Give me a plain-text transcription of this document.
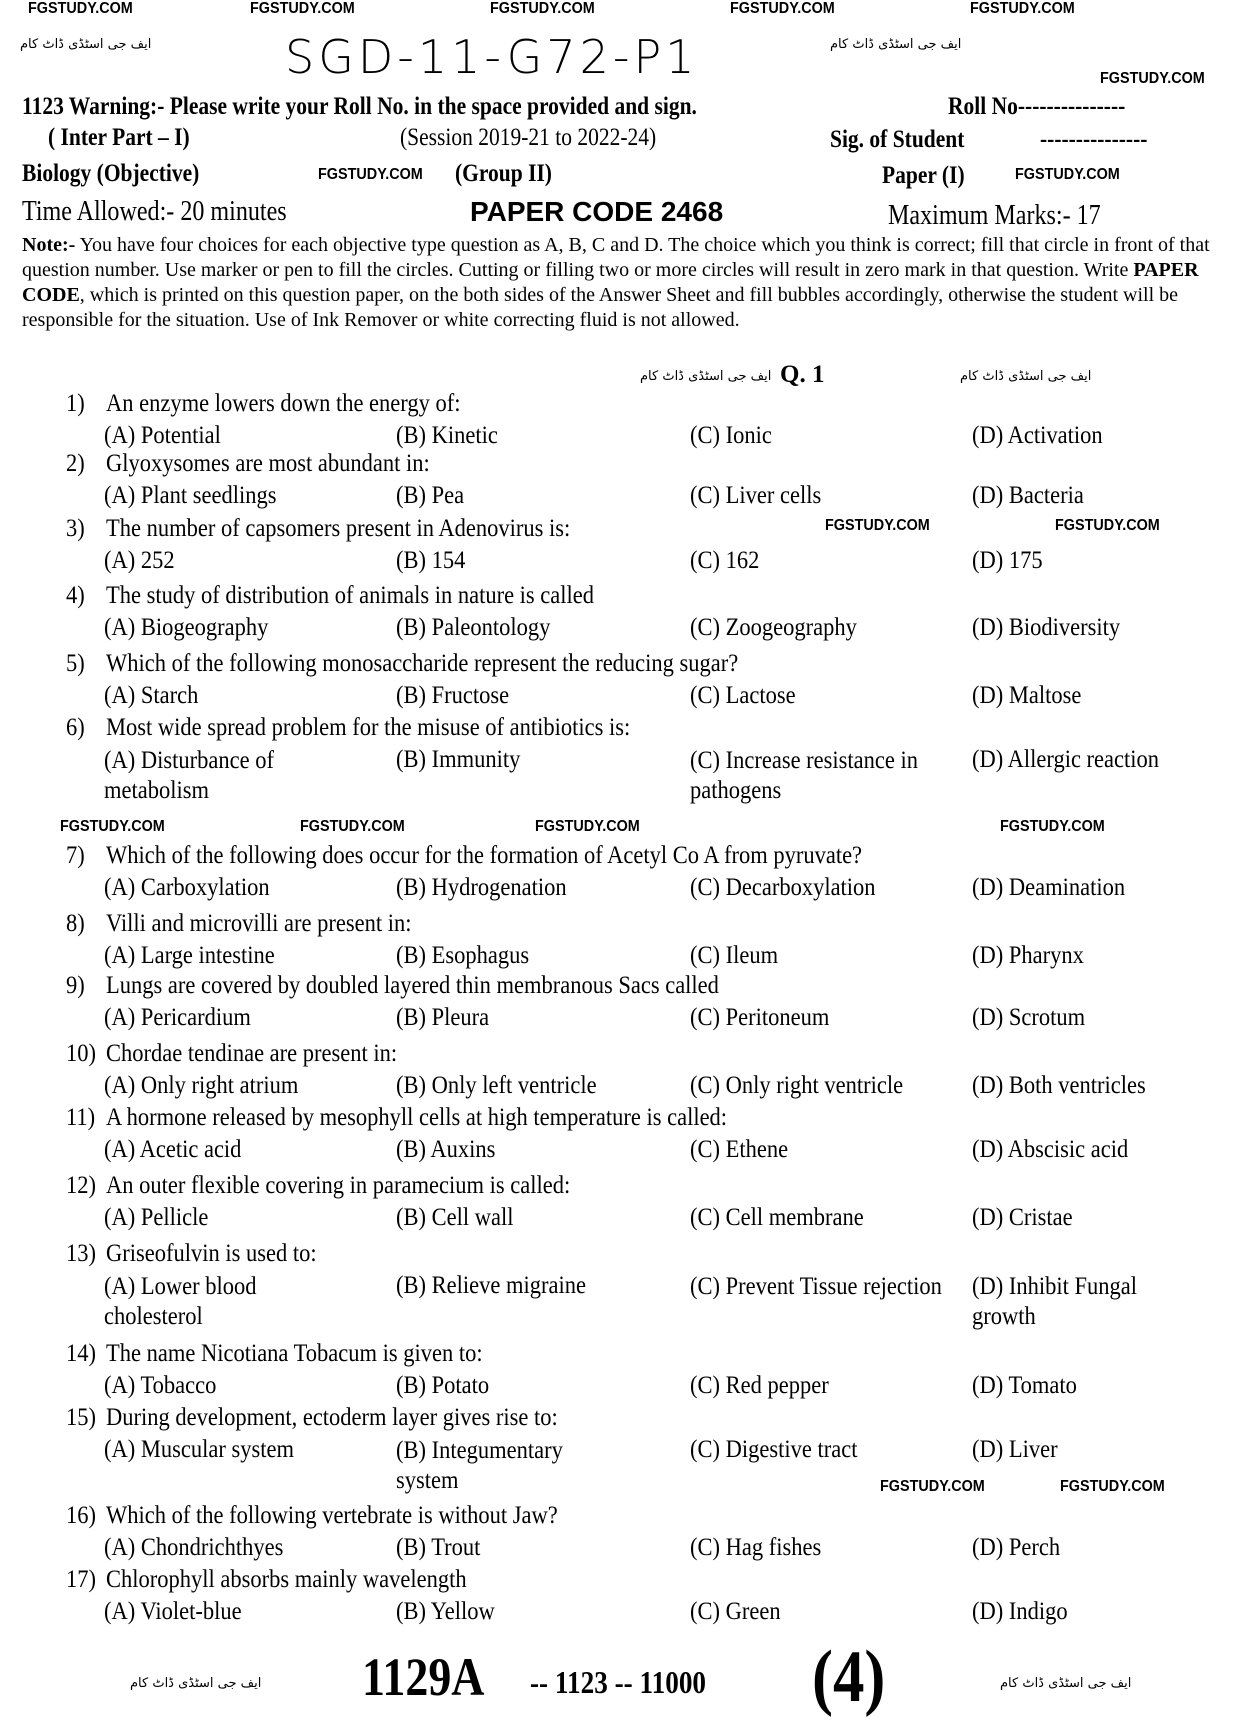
FGSTUDY.COM	FGSTUDY.COM	FGSTUDY.COM	FGSTUDY.COM	FGSTUDY.COM
FGSTUDY.COM
ایف جی اسٹڈی ڈاٹ کام	ایف جی اسٹڈی ڈاٹ کام
SGD-11-G72-P1
1123 Warning:- Please write your Roll No. in the space provided and sign.	Roll No---------------
( Inter Part – I)	(Session 2019-21 to 2022-24)	Sig. of Student	---------------
Biology (Objective)	FGSTUDY.COM (Group II)	Paper (I)	FGSTUDY.COM
Time Allowed:- 20 minutes	PAPER CODE 2468	Maximum Marks:- 17
Note:- You have four choices for each objective type question as A, B, C and D. The choice which you think is correct; fill that circle in front of that question number. Use marker or pen to fill the circles. Cutting or filling two or more circles will result in zero mark in that question. Write PAPER CODE, which is printed on this question paper, on the both sides of the Answer Sheet and fill bubbles accordingly, otherwise the student will be responsible for the situation. Use of Ink Remover or white correcting fluid is not allowed.
ایف جی اسٹڈی ڈاٹ کام Q. 1	ایف جی اسٹڈی ڈاٹ کام
1) An enzyme lowers down the energy of:
(A) Potential	(B) Kinetic	(C) Ionic	(D) Activation
2) Glyoxysomes are most abundant in:
(A) Plant seedlings	(B) Pea	(C) Liver cells	(D) Bacteria
3) The number of capsomers present in Adenovirus is:
(A) 252	(B) 154	(C) 162	(D) 175
4) The study of distribution of animals in nature is called
(A) Biogeography	(B) Paleontology	(C) Zoogeography	(D) Biodiversity
5) Which of the following monosaccharide represent the reducing sugar?
(A) Starch	(B) Fructose	(C) Lactose	(D) Maltose
6) Most wide spread problem for the misuse of antibiotics is:
(A) Disturbance of metabolism
(B) Immunity	(C) Increase resistance in pathogens
(D) Allergic reaction
7) Which of the following does occur for the formation of Acetyl Co A from pyruvate?
(A) Carboxylation	(B) Hydrogenation	(C) Decarboxylation	(D) Deamination
8) Villi and microvilli are present in:
(A) Large intestine	(B) Esophagus	(C) Ileum	(D) Pharynx
9) Lungs are covered by doubled layered thin membranous Sacs called
(A) Pericardium	(B) Pleura	(C) Peritoneum	(D) Scrotum
10) Chordae tendinae are present in:
(A) Only right atrium	(B) Only left ventricle	(C) Only right ventricle	(D) Both ventricles
11) A hormone released by mesophyll cells at high temperature is called:
(A) Acetic acid	(B) Auxins	(C) Ethene	(D) Abscisic acid
12) An outer flexible covering in paramecium is called:
(A) Pellicle	(B) Cell wall	(C) Cell membrane	(D) Cristae
13) Griseofulvin is used to:
(A) Lower blood cholesterol
(B) Relieve migraine	(C) Prevent Tissue rejection (D) Inhibit Fungal growth
14) The name Nicotiana Tobacum is given to:
(A) Tobacco	(B) Potato	(C) Red pepper	(D) Tomato
15) During development, ectoderm layer gives rise to:
(A) Muscular system	(B) Integumentary system
(C) Digestive tract	(D) Liver
16) Which of the following vertebrate is without Jaw?
(A) Chondrichthyes	(B) Trout	(C) Hag fishes	(D) Perch
17) Chlorophyll absorbs mainly wavelength
(A) Violet-blue	(B) Yellow	(C) Green	(D) Indigo
FGSTUDY.COM	FGSTUDY.COM	FGSTUDY.COM	FGSTUDY.COM
FGSTUDY.COM	FGSTUDY.COM
FGSTUDY.COM	FGSTUDY.COM
ایف جی اسٹڈی ڈاٹ کام 1129A -- 1123 -- 11000 (4)	ایف جی اسٹڈی ڈاٹ کام
